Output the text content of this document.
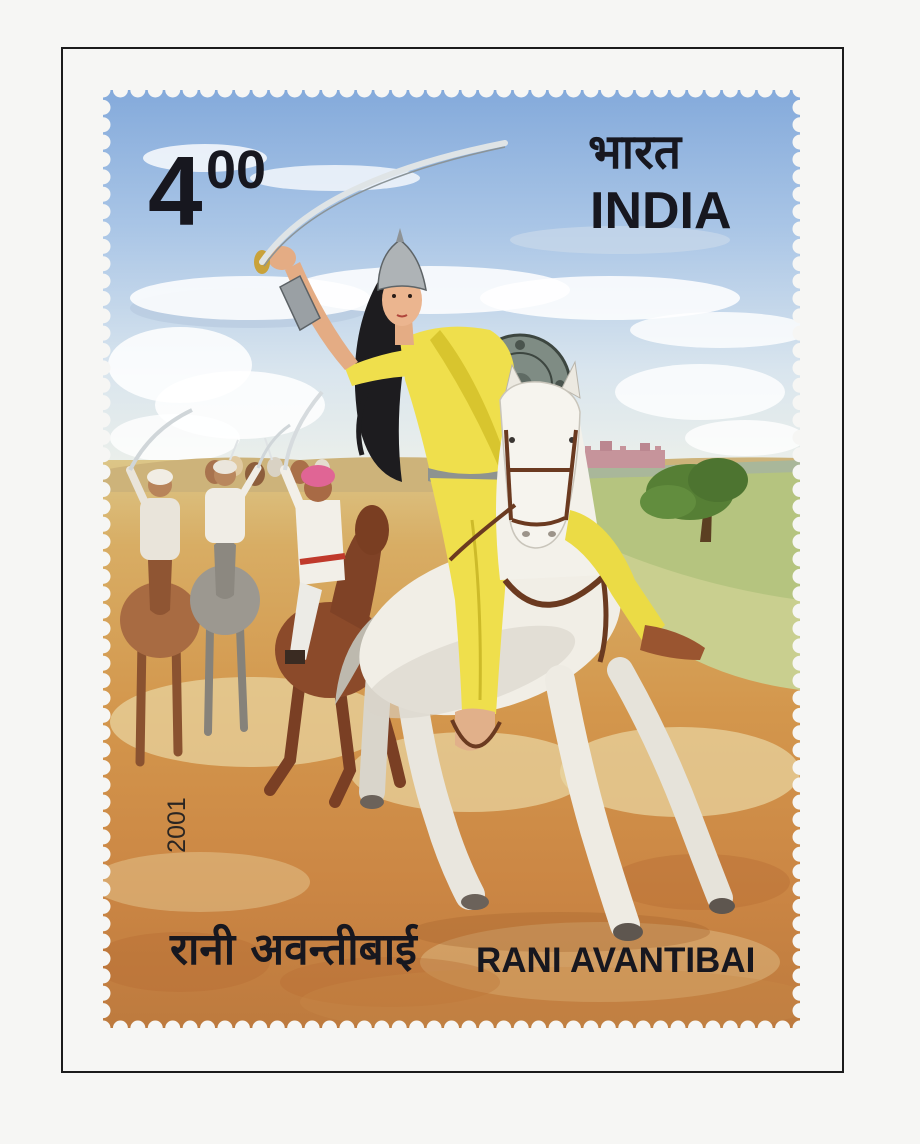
4 00	भारत
INDIA
2001
रानी अवन्तीबाई RANI AVANTIBAI
